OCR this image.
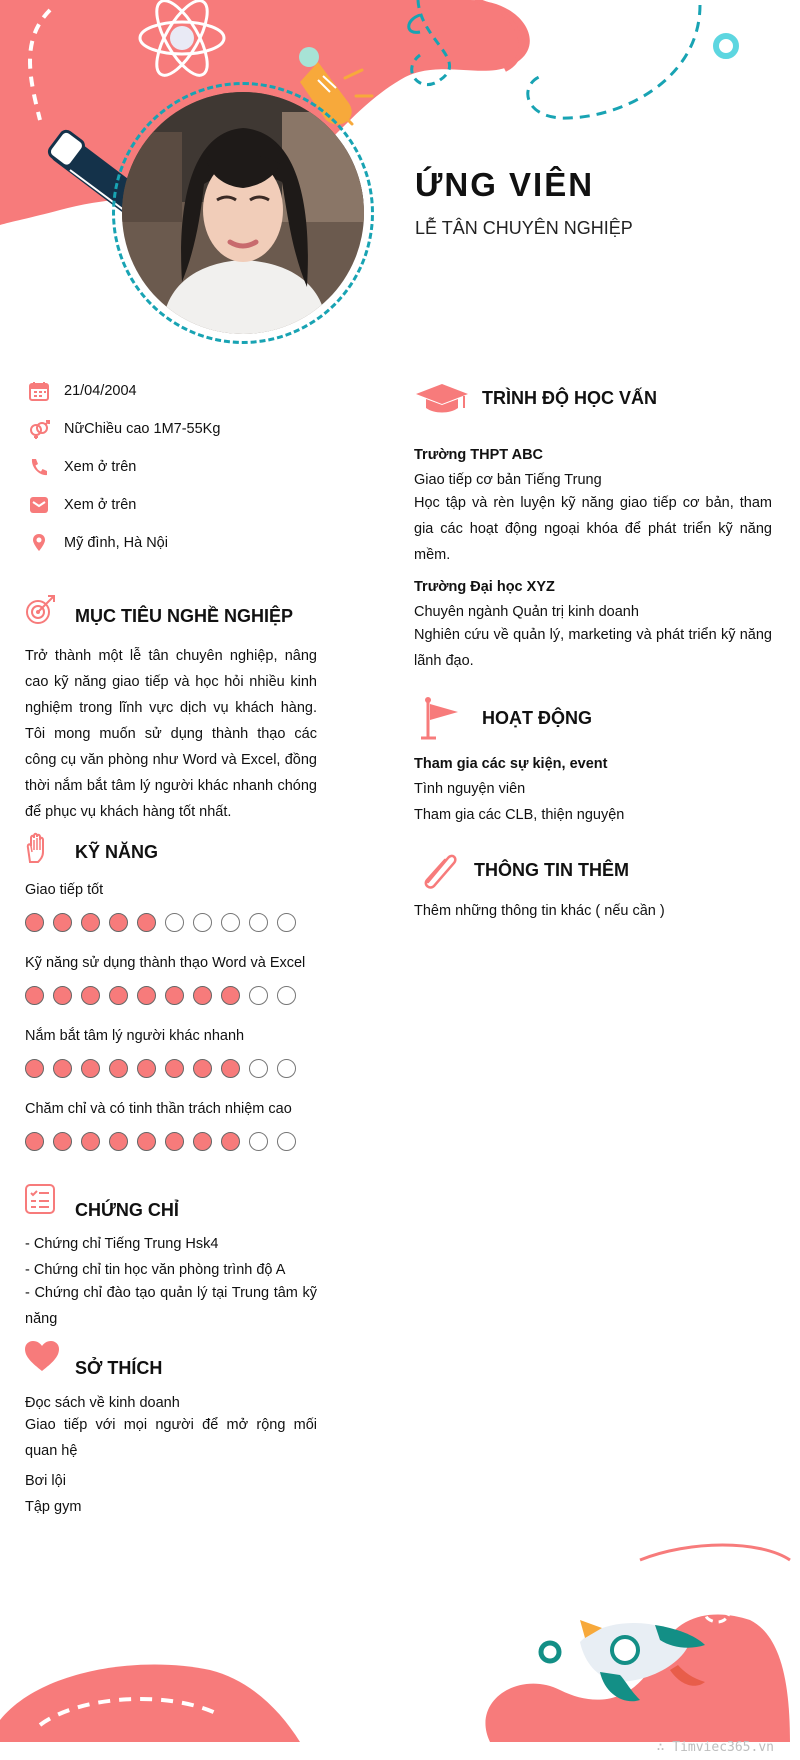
ỨNG VIÊN
LỄ TÂN CHUYÊN NGHIỆP
21/04/2004
NữChiều cao 1M7-55Kg
Xem ở trên
Xem ở trên
Mỹ đình, Hà Nội
MỤC TIÊU NGHỀ NGHIỆP
Trở thành một lễ tân chuyên nghiệp, nâng cao kỹ năng giao tiếp và học hỏi nhiều kinh nghiệm trong lĩnh vực dịch vụ khách hàng. Tôi mong muốn sử dụng thành thạo các công cụ văn phòng như Word và Excel, đồng thời nắm bắt tâm lý người khác nhanh chóng để phục vụ khách hàng tốt nhất.
KỸ NĂNG
Giao tiếp tốt
Kỹ năng sử dụng thành thạo Word và Excel
Nắm bắt tâm lý người khác nhanh
Chăm chỉ và có tinh thần trách nhiệm cao
CHỨNG CHỈ
- Chứng chỉ Tiếng Trung Hsk4
- Chứng chỉ tin học văn phòng trình độ A
- Chứng chỉ đào tạo quản lý tại Trung tâm kỹ năng
SỞ THÍCH
Đọc sách về kinh doanh
Giao tiếp với mọi người để mở rộng mối quan hệ
Bơi lội
Tập gym
TRÌNH ĐỘ HỌC VẤN
Trường THPT ABC
Giao tiếp cơ bản Tiếng Trung
Học tập và rèn luyện kỹ năng giao tiếp cơ bản, tham gia các hoạt động ngoại khóa để phát triển kỹ năng mềm.
Trường Đại học XYZ
Chuyên ngành Quản trị kinh doanh
Nghiên cứu về quản lý, marketing và phát triển kỹ năng lãnh đạo.
HOẠT ĐỘNG
Tham gia các sự kiện, event
Tình nguyện viên
Tham gia các CLB, thiện nguyện
THÔNG TIN THÊM
Thêm những thông tin khác ( nếu cần )
∴ Timviec365.vn
